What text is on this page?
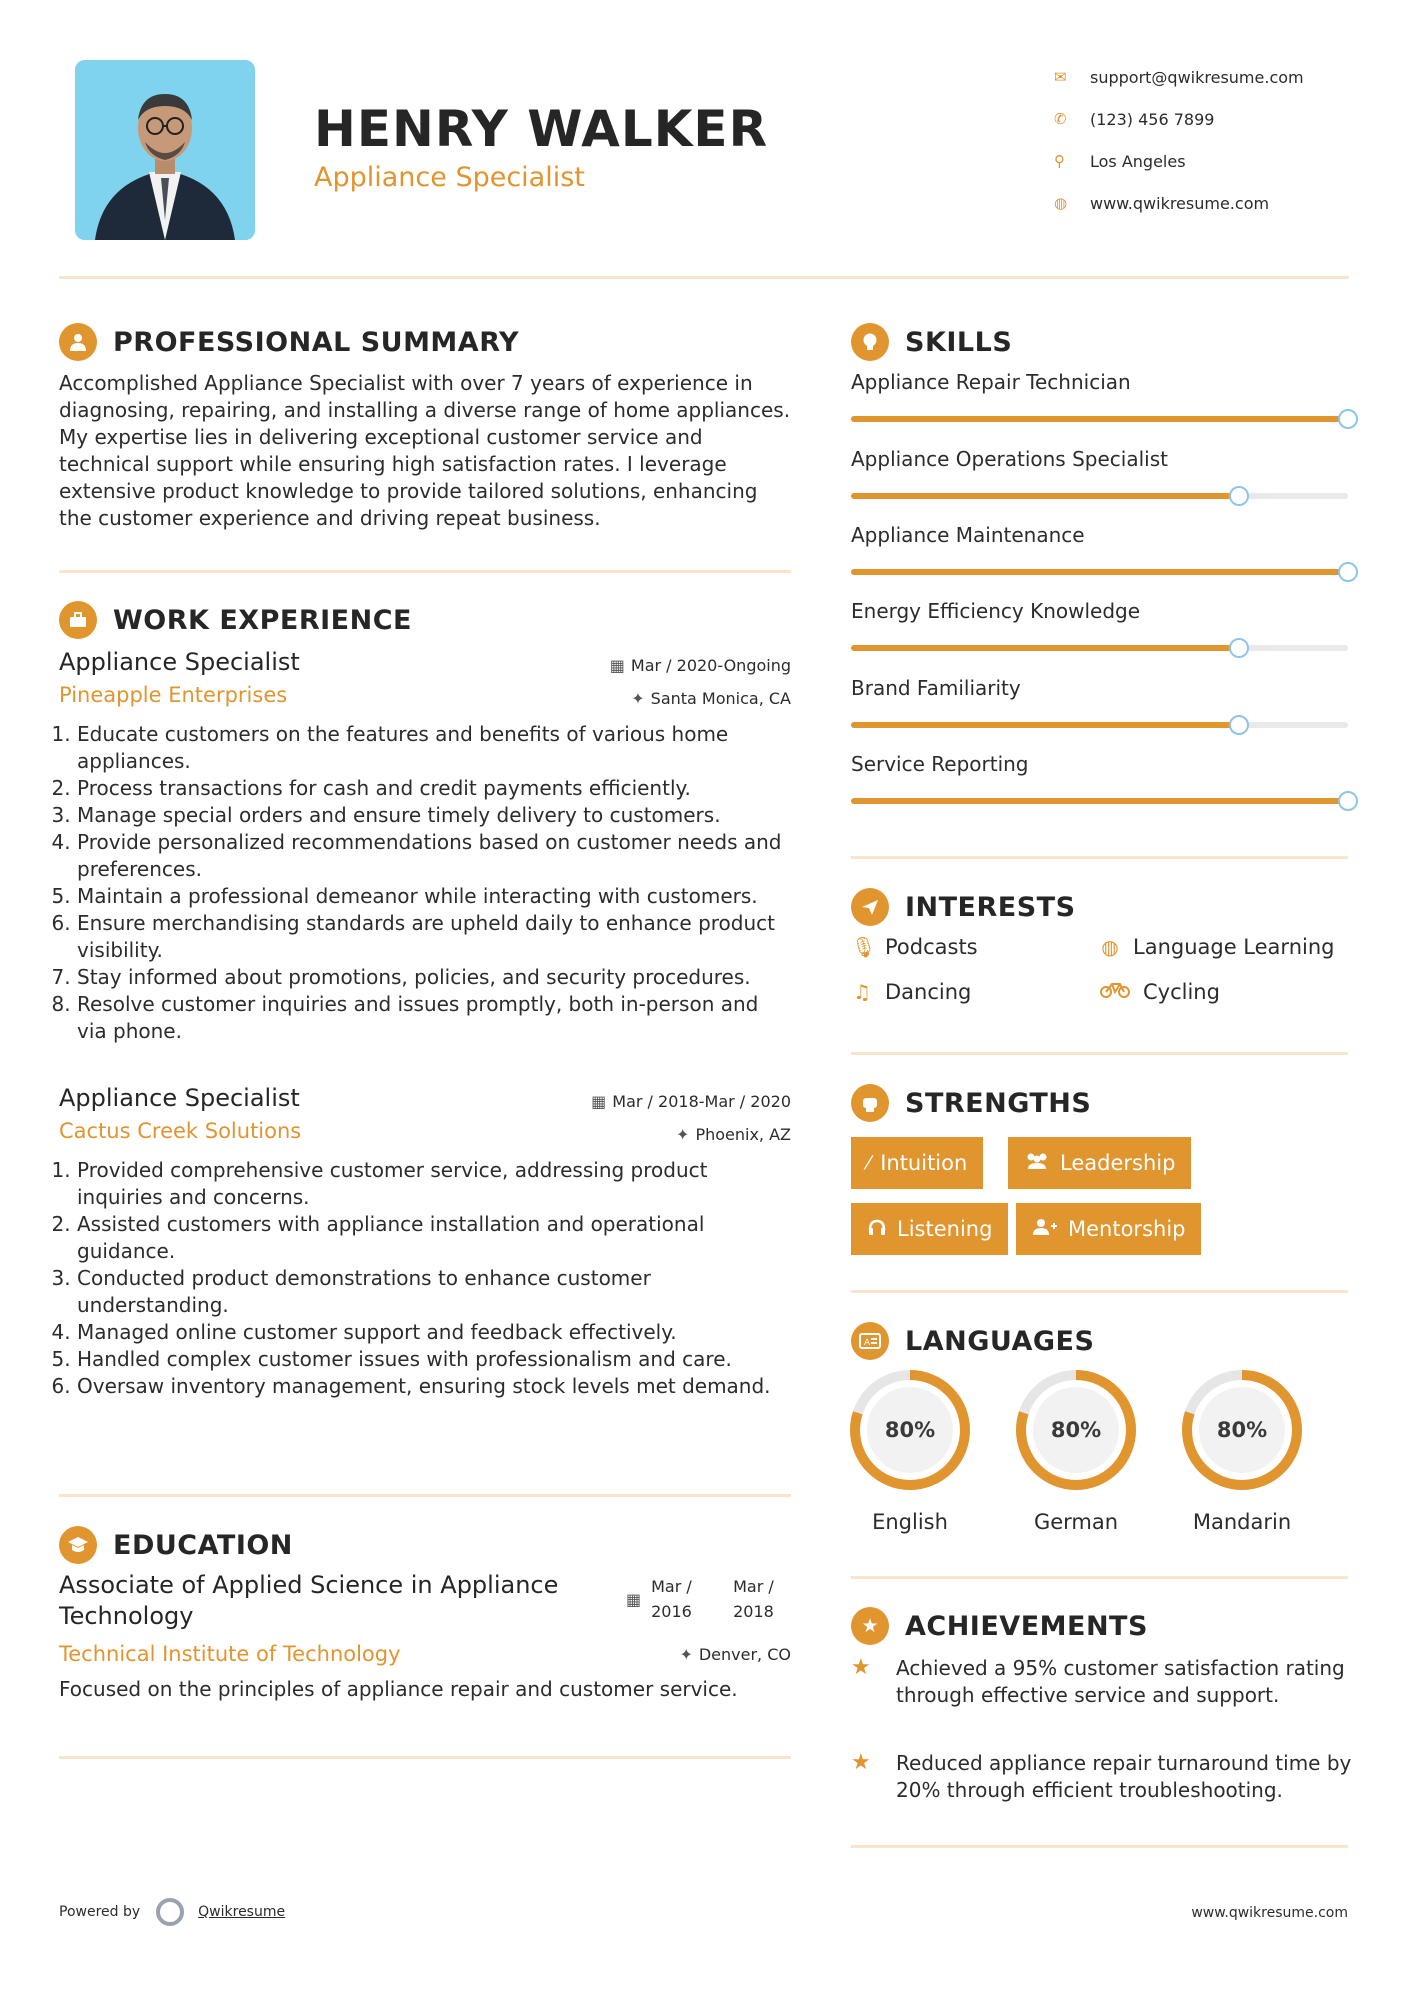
HENRY WALKER
Appliance Specialist
✉	support@qwikresume.com
✆	(123) 456 7899
⚲	Los Angeles
◍	www.qwikresume.com
PROFESSIONAL SUMMARY
Accomplished Appliance Specialist with over 7 years of experience in diagnosing, repairing, and installing a diverse range of home appliances. My expertise lies in delivering exceptional customer service and technical support while ensuring high satisfaction rates. I leverage extensive product knowledge to provide tailored solutions, enhancing the customer experience and driving repeat business.
WORK EXPERIENCE
Appliance Specialist
Pineapple Enterprises
▦ Mar / 2020-Ongoing
✦ Santa Monica, CA
1. Educate customers on the features and benefits of various home appliances.
2. Process transactions for cash and credit payments efficiently.
3. Manage special orders and ensure timely delivery to customers.
4. Provide personalized recommendations based on customer needs and preferences.
5. Maintain a professional demeanor while interacting with customers.
6. Ensure merchandising standards are upheld daily to enhance product visibility.
7. Stay informed about promotions, policies, and security procedures.
8. Resolve customer inquiries and issues promptly, both in-person and via phone.
Appliance Specialist
Cactus Creek Solutions
▦ Mar / 2018-Mar / 2020
✦ Phoenix, AZ
1. Provided comprehensive customer service, addressing product inquiries and concerns.
2. Assisted customers with appliance installation and operational guidance.
3. Conducted product demonstrations to enhance customer understanding.
4. Managed online customer support and feedback effectively.
5. Handled complex customer issues with professionalism and care.
6. Oversaw inventory management, ensuring stock levels met demand.
EDUCATION
Associate of Applied Science in Appliance Technology
Technical Institute of Technology
▦
Mar / 2016
Mar / 2018
✦ Denver, CO
Focused on the principles of appliance repair and customer service.
SKILLS
Appliance Repair Technician
Appliance Operations Specialist
Appliance Maintenance
Energy Efficiency Knowledge
Brand Familiarity
Service Reporting
INTERESTS
🎙 Podcasts	◍ Language Learning
♫ Dancing	Cycling
STRENGTHS
⁄ Intuition	Leadership
Listening	Mentorship
A LANGUAGES
80%
English
80%
German
80%
Mandarin
★ ACHIEVEMENTS
★	Achieved a 95% customer satisfaction rating through effective service and support.
★	Reduced appliance repair turnaround time by 20% through efficient troubleshooting.
Powered by	Qwikresume	www.qwikresume.com
